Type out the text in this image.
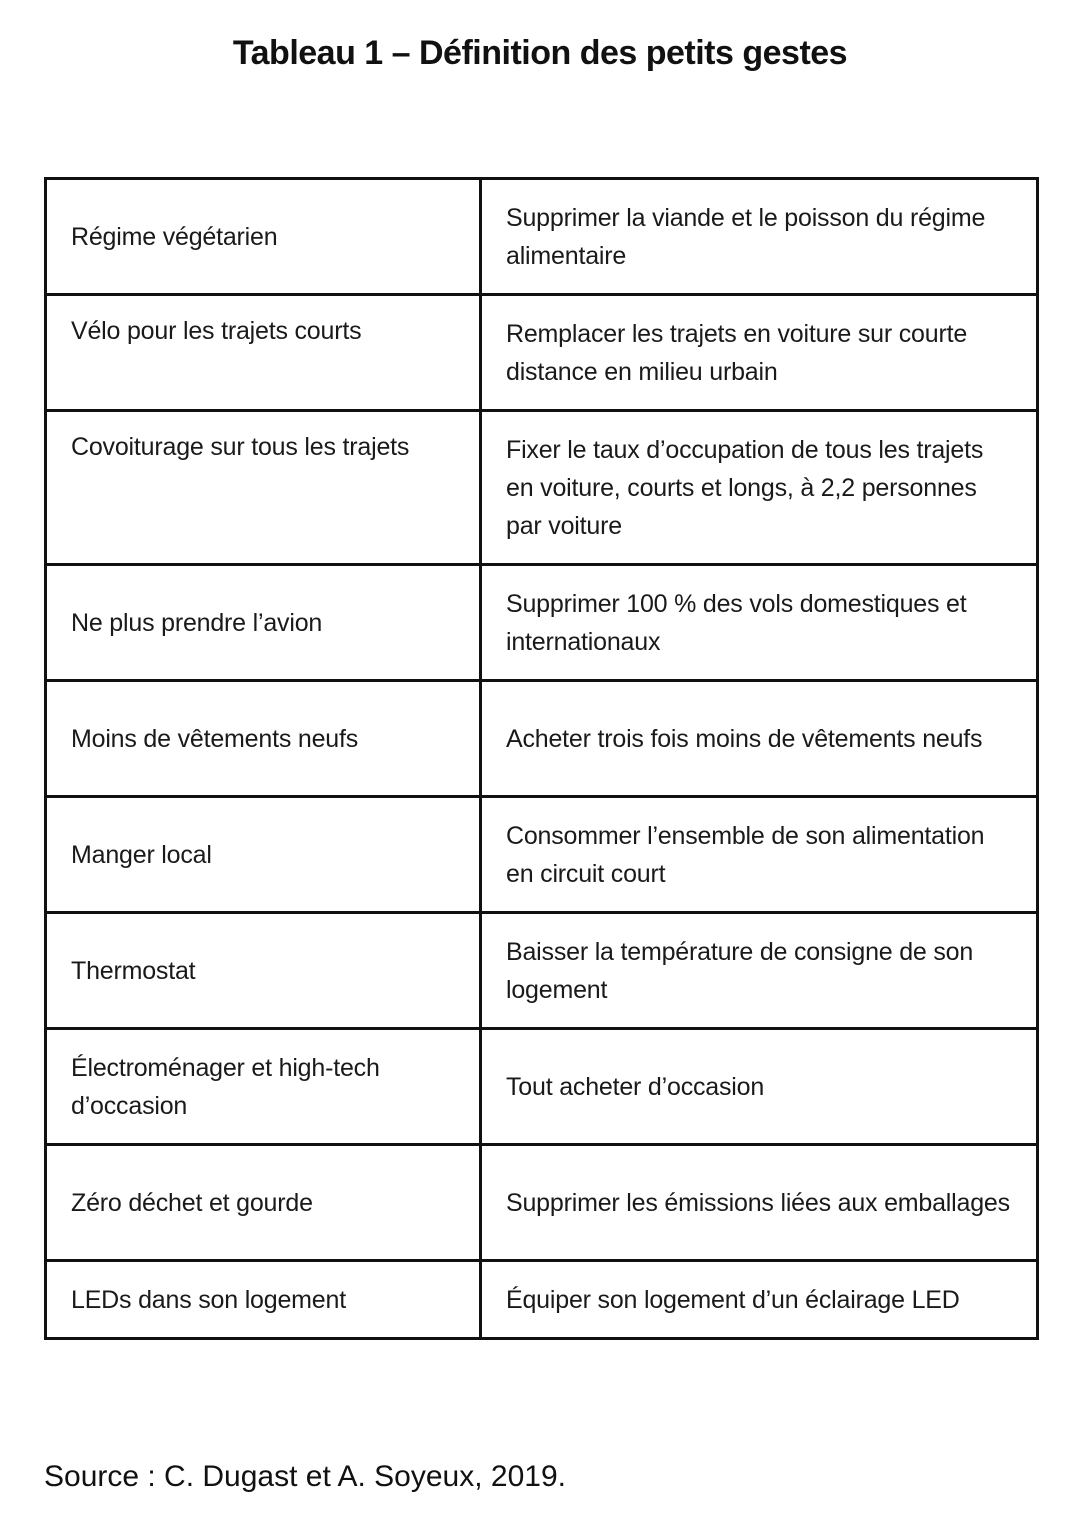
Tableau 1 – Définition des petits gestes
Régime végétarien	Supprimer la viande et le poisson du régime alimentaire
Vélo pour les trajets courts	Remplacer les trajets en voiture sur courte distance en milieu urbain
Covoiturage sur tous les trajets	Fixer le taux d’occupation de tous les trajets en voiture, courts et longs, à 2,2 personnes par voiture
Ne plus prendre l’avion	Supprimer 100 % des vols domestiques et internationaux
Moins de vêtements neufs	Acheter trois fois moins de vêtements neufs
Manger local	Consommer l’ensemble de son alimentation en circuit court
Thermostat	Baisser la température de consigne de son logement
Électroménager et high-tech d’occasion	Tout acheter d’occasion
Zéro déchet et gourde	Supprimer les émissions liées aux emballages
LEDs dans son logement	Équiper son logement d’un éclairage LED
Source : C. Dugast et A. Soyeux, 2019.
